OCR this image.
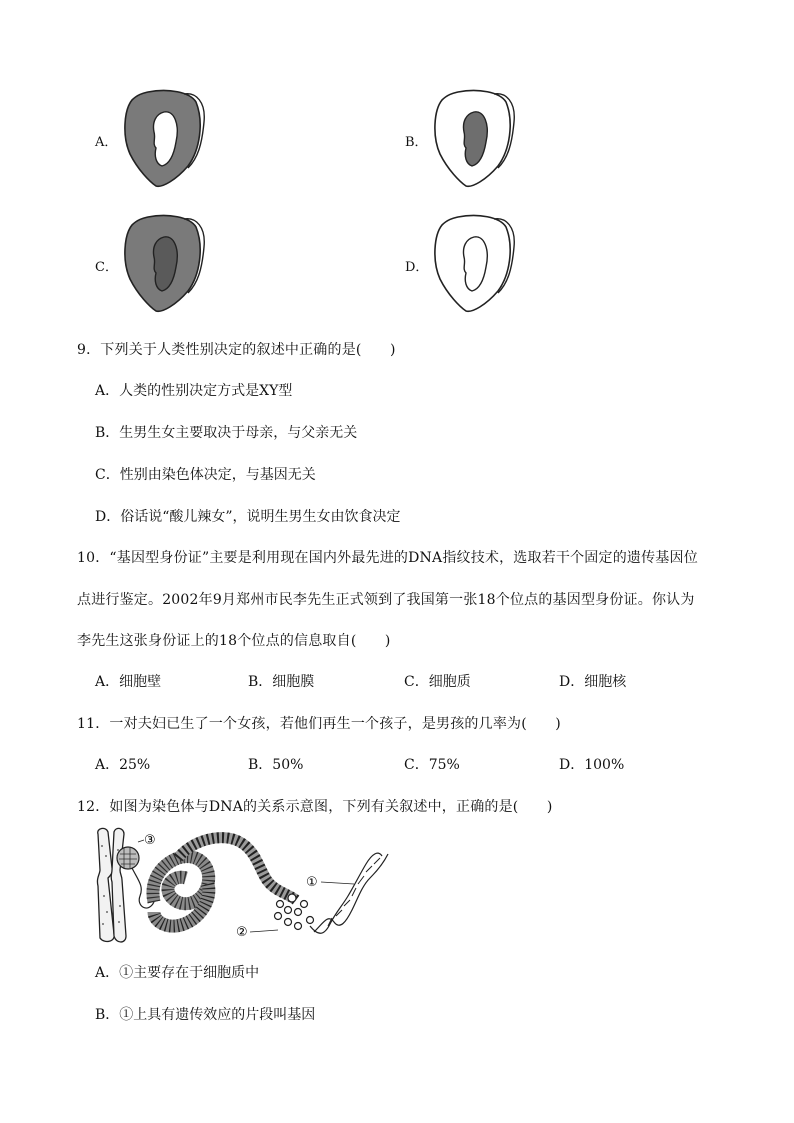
A．	B．
C．	D．
9．下列关于人类性别决定的叙述中正确的是(　　)
A．人类的性别决定方式是XY型
B．生男生女主要取决于母亲，与父亲无关
C．性别由染色体决定，与基因无关
D．俗话说“酸儿辣女”，说明生男生女由饮食决定
10．“基因型身份证”主要是利用现在国内外最先进的DNA指纹技术，选取若干个固定的遗传基因位
点进行鉴定。2002年9月郑州市民李先生正式领到了我国第一张18个位点的基因型身份证。你认为
李先生这张身份证上的18个位点的信息取自(　　)
A．细胞壁	B．细胞膜	C．细胞质	D．细胞核
11．一对夫妇已生了一个女孩，若他们再生一个孩子，是男孩的几率为(　　)
A．25%	B．50%	C．75%	D．100%
12．如图为染色体与DNA的关系示意图，下列有关叙述中，正确的是(　　)
③
②
①
A．①主要存在于细胞质中
B．①上具有遗传效应的片段叫基因
